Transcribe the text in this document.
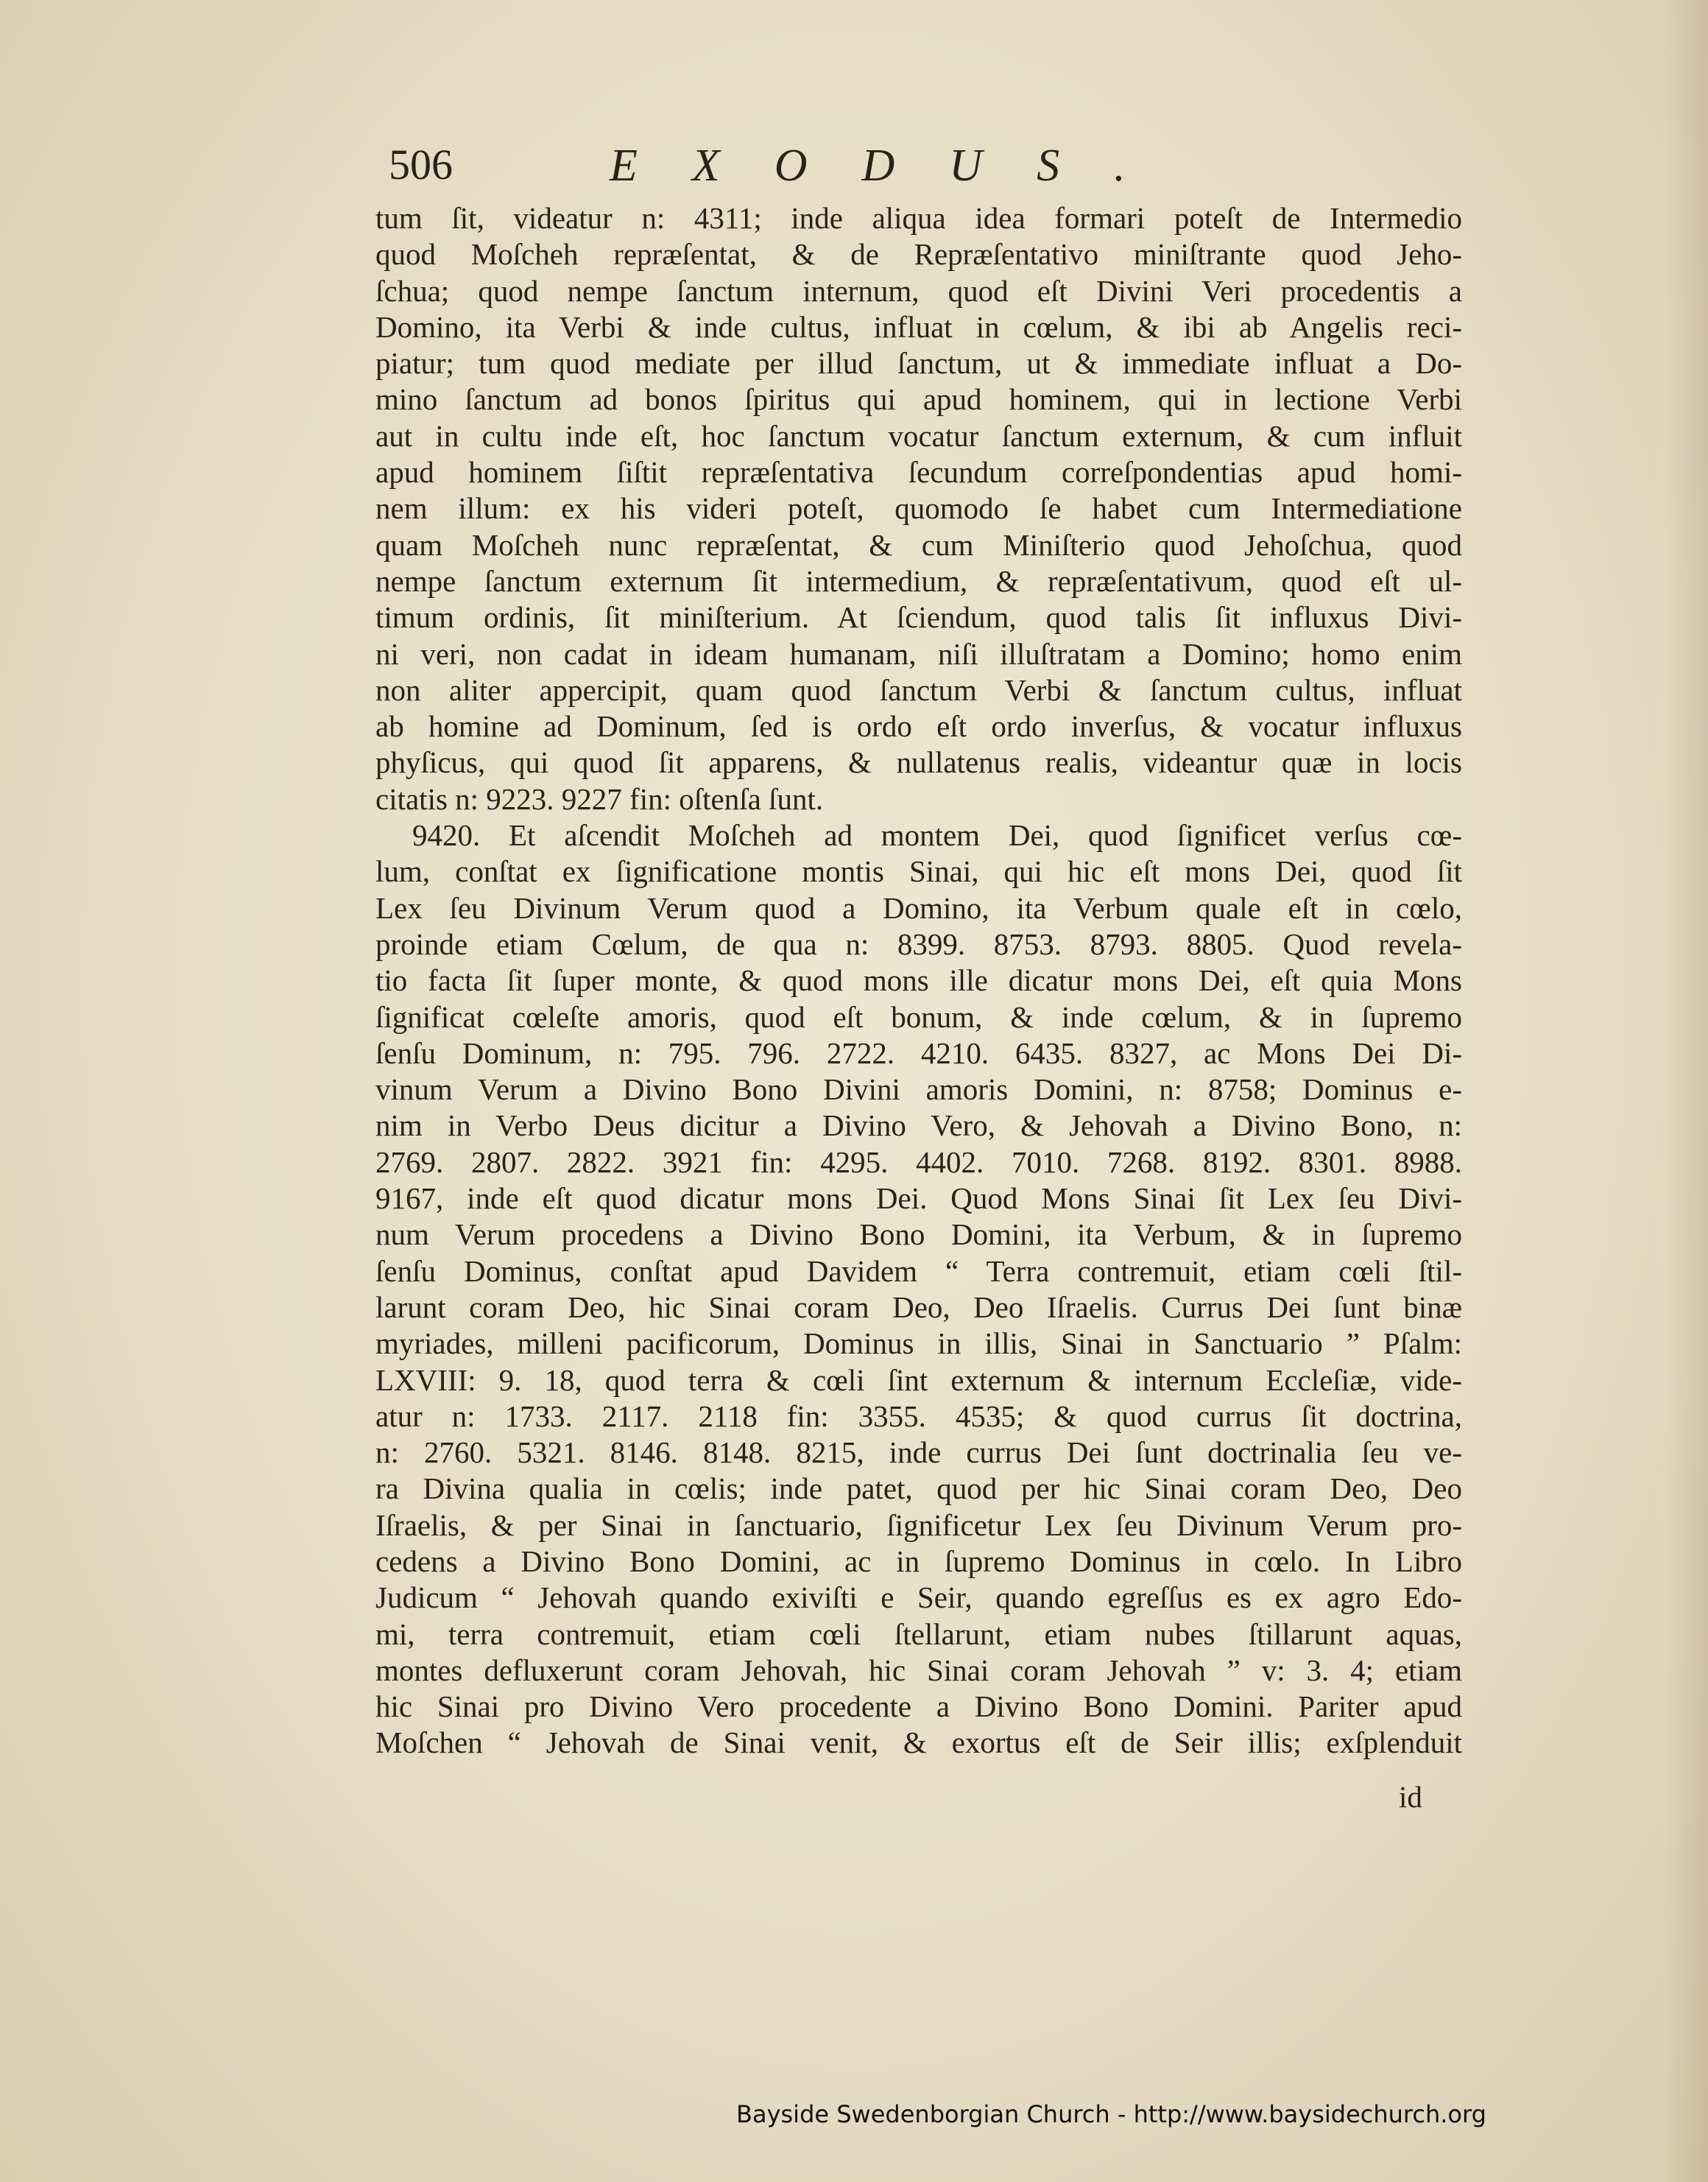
506	EXODUS.
tum ſit, videatur n: 4311; inde aliqua idea formari poteſt de Intermedio
quod Moſcheh repræſentat, & de Repræſentativo miniſtrante quod Jeho-
ſchua; quod nempe ſanctum internum, quod eſt Divini Veri procedentis a
Domino, ita Verbi & inde cultus, influat in cœlum, & ibi ab Angelis reci-
piatur; tum quod mediate per illud ſanctum, ut & immediate influat a Do-
mino ſanctum ad bonos ſpiritus qui apud hominem, qui in lectione Verbi
aut in cultu inde eſt, hoc ſanctum vocatur ſanctum externum, & cum influit
apud hominem ſiſtit repræſentativa ſecundum correſpondentias apud homi-
nem illum: ex his videri poteſt, quomodo ſe habet cum Intermediatione
quam Moſcheh nunc repræſentat, & cum Miniſterio quod Jehoſchua, quod
nempe ſanctum externum ſit intermedium, & repræſentativum, quod eſt ul-
timum ordinis, ſit miniſterium. At ſciendum, quod talis ſit influxus Divi-
ni veri, non cadat in ideam humanam, niſi illuſtratam a Domino; homo enim
non aliter appercipit, quam quod ſanctum Verbi & ſanctum cultus, influat
ab homine ad Dominum, ſed is ordo eſt ordo inverſus, & vocatur influxus
phyſicus, qui quod ſit apparens, & nullatenus realis, videantur quæ in locis
citatis n: 9223. 9227 fin: oſtenſa ſunt.
9420. Et aſcendit Moſcheh ad montem Dei, quod ſignificet verſus cœ-
lum, conſtat ex ſignificatione montis Sinai, qui hic eſt mons Dei, quod ſit
Lex ſeu Divinum Verum quod a Domino, ita Verbum quale eſt in cœlo,
proinde etiam Cœlum, de qua n: 8399. 8753. 8793. 8805. Quod revela-
tio facta ſit ſuper monte, & quod mons ille dicatur mons Dei, eſt quia Mons
ſignificat cœleſte amoris, quod eſt bonum, & inde cœlum, & in ſupremo
ſenſu Dominum, n: 795. 796. 2722. 4210. 6435. 8327, ac Mons Dei Di-
vinum Verum a Divino Bono Divini amoris Domini, n: 8758; Dominus e-
nim in Verbo Deus dicitur a Divino Vero, & Jehovah a Divino Bono, n:
2769. 2807. 2822. 3921 fin: 4295. 4402. 7010. 7268. 8192. 8301. 8988.
9167, inde eſt quod dicatur mons Dei. Quod Mons Sinai ſit Lex ſeu Divi-
num Verum procedens a Divino Bono Domini, ita Verbum, & in ſupremo
ſenſu Dominus, conſtat apud Davidem “ Terra contremuit, etiam cœli ſtil-
larunt coram Deo, hic Sinai coram Deo, Deo Iſraelis. Currus Dei ſunt binæ
myriades, milleni pacificorum, Dominus in illis, Sinai in Sanctuario ” Pſalm:
LXVIII: 9. 18, quod terra & cœli ſint externum & internum Eccleſiæ, vide-
atur n: 1733. 2117. 2118 fin: 3355. 4535; & quod currus ſit doctrina,
n: 2760. 5321. 8146. 8148. 8215, inde currus Dei ſunt doctrinalia ſeu ve-
ra Divina qualia in cœlis; inde patet, quod per hic Sinai coram Deo, Deo
Iſraelis, & per Sinai in ſanctuario, ſignificetur Lex ſeu Divinum Verum pro-
cedens a Divino Bono Domini, ac in ſupremo Dominus in cœlo. In Libro
Judicum “ Jehovah quando exiviſti e Seir, quando egreſſus es ex agro Edo-
mi, terra contremuit, etiam cœli ſtellarunt, etiam nubes ſtillarunt aquas,
montes defluxerunt coram Jehovah, hic Sinai coram Jehovah ” v: 3. 4; etiam
hic Sinai pro Divino Vero procedente a Divino Bono Domini. Pariter apud
Moſchen “ Jehovah de Sinai venit, & exortus eſt de Seir illis; exſplenduit
id
Bayside Swedenborgian Church - http://www.baysidechurch.org
